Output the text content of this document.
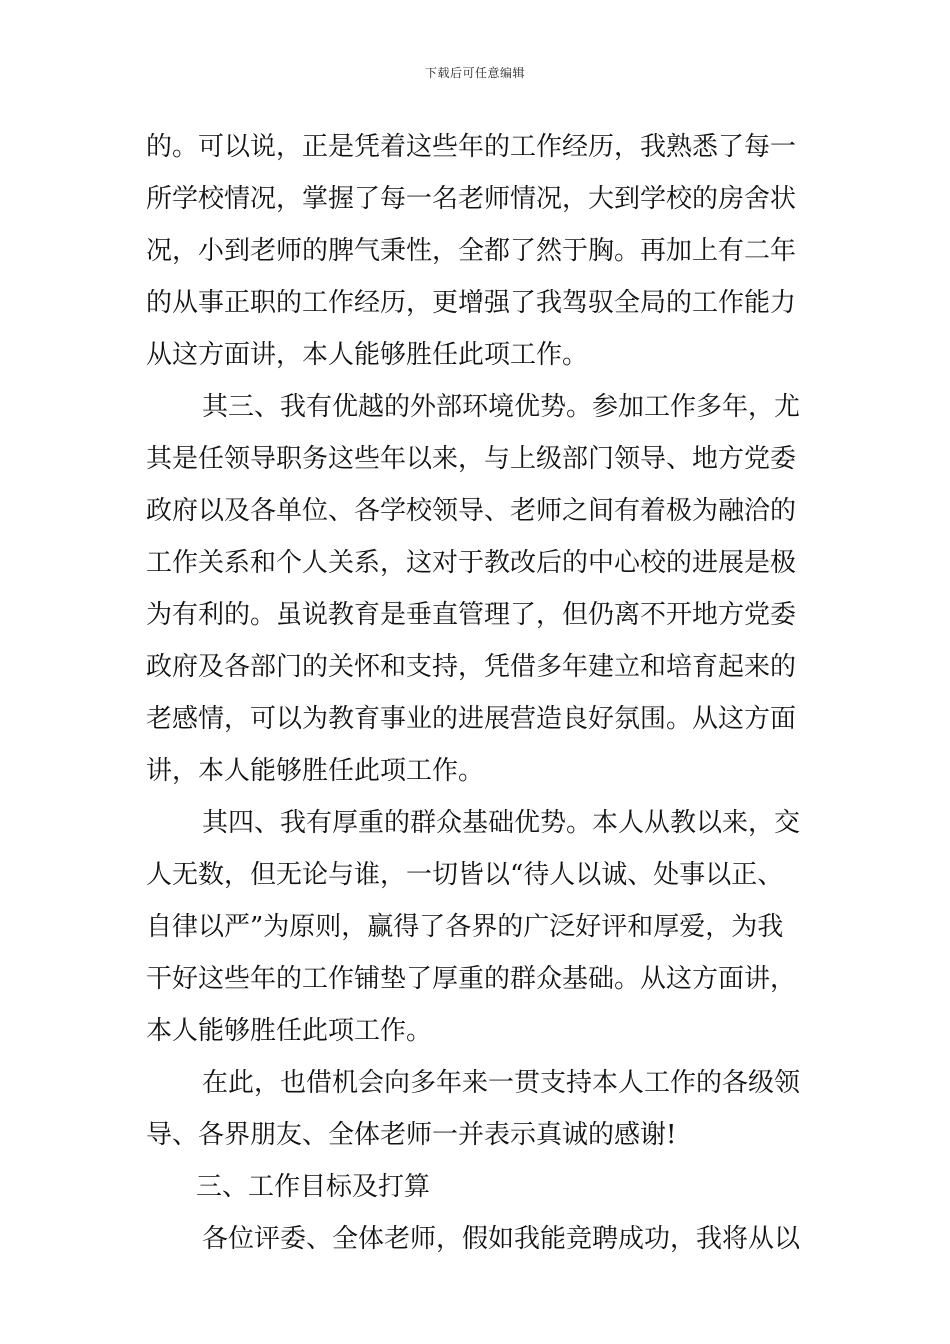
下载后可任意编辑
的。可以说，正是凭着这些年的工作经历，我熟悉了每一
所学校情况，掌握了每一名老师情况，大到学校的房舍状
况，小到老师的脾气秉性，全都了然于胸。再加上有二年
的从事正职的工作经历，更增强了我驾驭全局的工作能力
从这方面讲，本人能够胜任此项工作。
其三、我有优越的外部环境优势。参加工作多年，尤
其是任领导职务这些年以来，与上级部门领导、地方党委
政府以及各单位、各学校领导、老师之间有着极为融洽的
工作关系和个人关系，这对于教改后的中心校的进展是极
为有利的。虽说教育是垂直管理了，但仍离不开地方党委
政府及各部门的关怀和支持，凭借多年建立和培育起来的
老感情，可以为教育事业的进展营造良好氛围。从这方面
讲，本人能够胜任此项工作。
其四、我有厚重的群众基础优势。本人从教以来，交
人无数，但无论与谁，一切皆以“待人以诚、处事以正、
自律以严”为原则，赢得了各界的广泛好评和厚爱，为我
干好这些年的工作铺垫了厚重的群众基础。从这方面讲，
本人能够胜任此项工作。
在此，也借机会向多年来一贯支持本人工作的各级领
导、各界朋友、全体老师一并表示真诚的感谢!
三、工作目标及打算
各位评委、全体老师，假如我能竞聘成功，我将从以
